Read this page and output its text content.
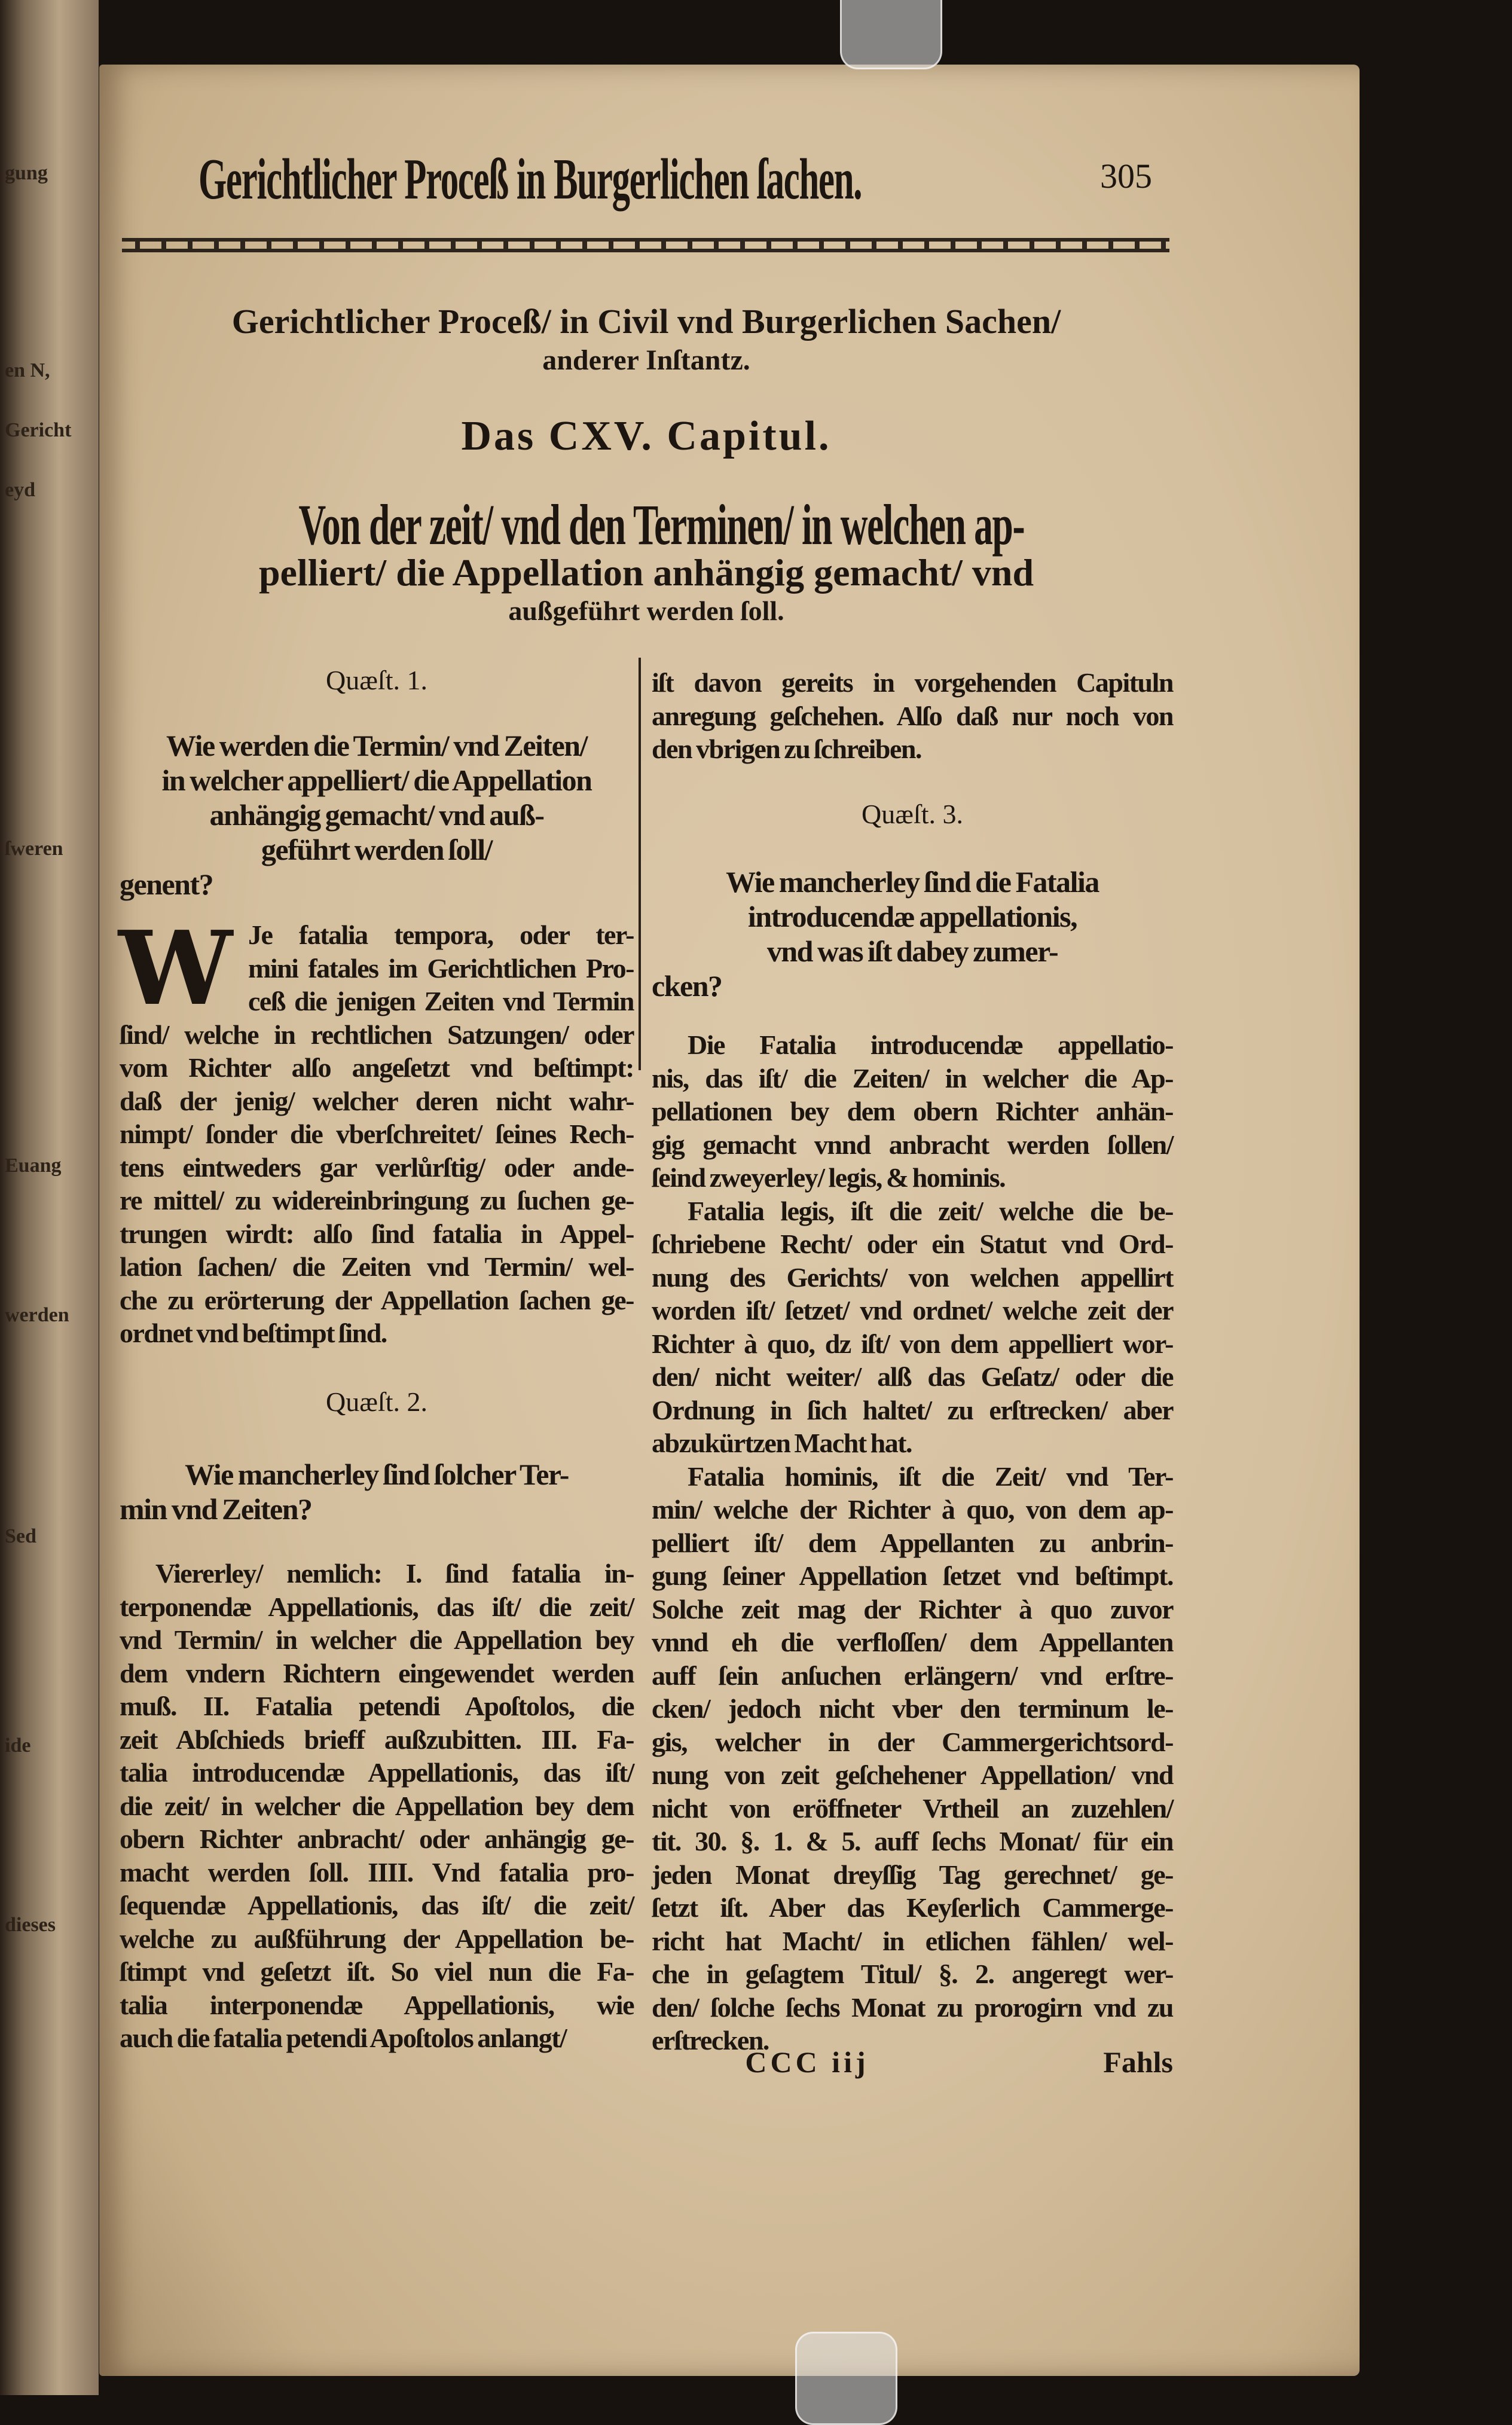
gung
en N,
Gericht
eyd
ſweren
Euang
werden
Sed
ide
dieses
Gerichtlicher Proceß in Burgerlichen ſachen.	305
Gerichtlicher Proceß/ in Civil vnd Burgerlichen Sachen/
anderer Inſtantz.
Das CXV. Capitul.
Von der zeit/ vnd den Terminen/ in welchen ap-
pelliert/ die Appellation anhängig gemacht/ vnd
außgeführt werden ſoll.
Quæſt. 1.
Wie werden die Termin/ vnd Zeiten/
in welcher appelliert/ die Appellation
anhängig gemacht/ vnd auß-
geführt werden ſoll/
genent?
W Je fatalia tempora, oder ter-
mini fatales im Gerichtlichen Pro-
ceß die jenigen Zeiten vnd Termin
ſind/ welche in rechtlichen Satzungen/ oder
vom Richter alſo angeſetzt vnd beſtimpt:
daß der jenig/ welcher deren nicht wahr-
nimpt/ ſonder die vberſchreitet/ ſeines Rech-
tens eintweders gar verlůrſtig/ oder ande-
re mittel/ zu widereinbringung zu ſuchen ge-
trungen wirdt: alſo ſind fatalia in Appel-
lation ſachen/ die Zeiten vnd Termin/ wel-
che zu erörterung der Appellation ſachen ge-
ordnet vnd beſtimpt ſind.
Quæſt. 2.
Wie mancherley ſind ſolcher Ter-
min vnd Zeiten?
Viererley/ nemlich: I. ſind fatalia in-
terponendæ Appellationis, das iſt/ die zeit/
vnd Termin/ in welcher die Appellation bey
dem vndern Richtern eingewendet werden
muß. II. Fatalia petendi Apoſtolos, die
zeit Abſchieds brieff außzubitten. III. Fa-
talia introducendæ Appellationis, das iſt/
die zeit/ in welcher die Appellation bey dem
obern Richter anbracht/ oder anhängig ge-
macht werden ſoll. IIII. Vnd fatalia pro-
ſequendæ Appellationis, das iſt/ die zeit/
welche zu außführung der Appellation be-
ſtimpt vnd geſetzt iſt. So viel nun die Fa-
talia interponendæ Appellationis, wie
auch die fatalia petendi Apoſtolos anlangt/
iſt davon gereits in vorgehenden Capituln
anregung geſchehen. Alſo daß nur noch von
den vbrigen zu ſchreiben.
Quæſt. 3.
Wie mancherley ſind die Fatalia
introducendæ appellationis,
vnd was iſt dabey zumer-
cken?
Die Fatalia introducendæ appellatio-
nis, das iſt/ die Zeiten/ in welcher die Ap-
pellationen bey dem obern Richter anhän-
gig gemacht vnnd anbracht werden ſollen/
ſeind zweyerley/ legis, & hominis.
Fatalia legis, iſt die zeit/ welche die be-
ſchriebene Recht/ oder ein Statut vnd Ord-
nung des Gerichts/ von welchen appellirt
worden iſt/ ſetzet/ vnd ordnet/ welche zeit der
Richter à quo, dz iſt/ von dem appelliert wor-
den/ nicht weiter/ alß das Geſatz/ oder die
Ordnung in ſich haltet/ zu erſtrecken/ aber
abzukürtzen Macht hat.
Fatalia hominis, iſt die Zeit/ vnd Ter-
min/ welche der Richter à quo, von dem ap-
pelliert iſt/ dem Appellanten zu anbrin-
gung ſeiner Appellation ſetzet vnd beſtimpt.
Solche zeit mag der Richter à quo zuvor
vnnd eh die verfloſſen/ dem Appellanten
auff ſein anſuchen erlängern/ vnd erſtre-
cken/ jedoch nicht vber den terminum le-
gis, welcher in der Cammergerichtsord-
nung von zeit geſchehener Appellation/ vnd
nicht von eröffneter Vrtheil an zuzehlen/
tit. 30. §. 1. & 5. auff ſechs Monat/ für ein
jeden Monat dreyſſig Tag gerechnet/ ge-
ſetzt iſt. Aber das Keyſerlich Cammerge-
richt hat Macht/ in etlichen fählen/ wel-
che in geſagtem Titul/ §. 2. angeregt wer-
den/ ſolche ſechs Monat zu prorogirn vnd zu
erſtrecken.
CCC iij	Fahls
